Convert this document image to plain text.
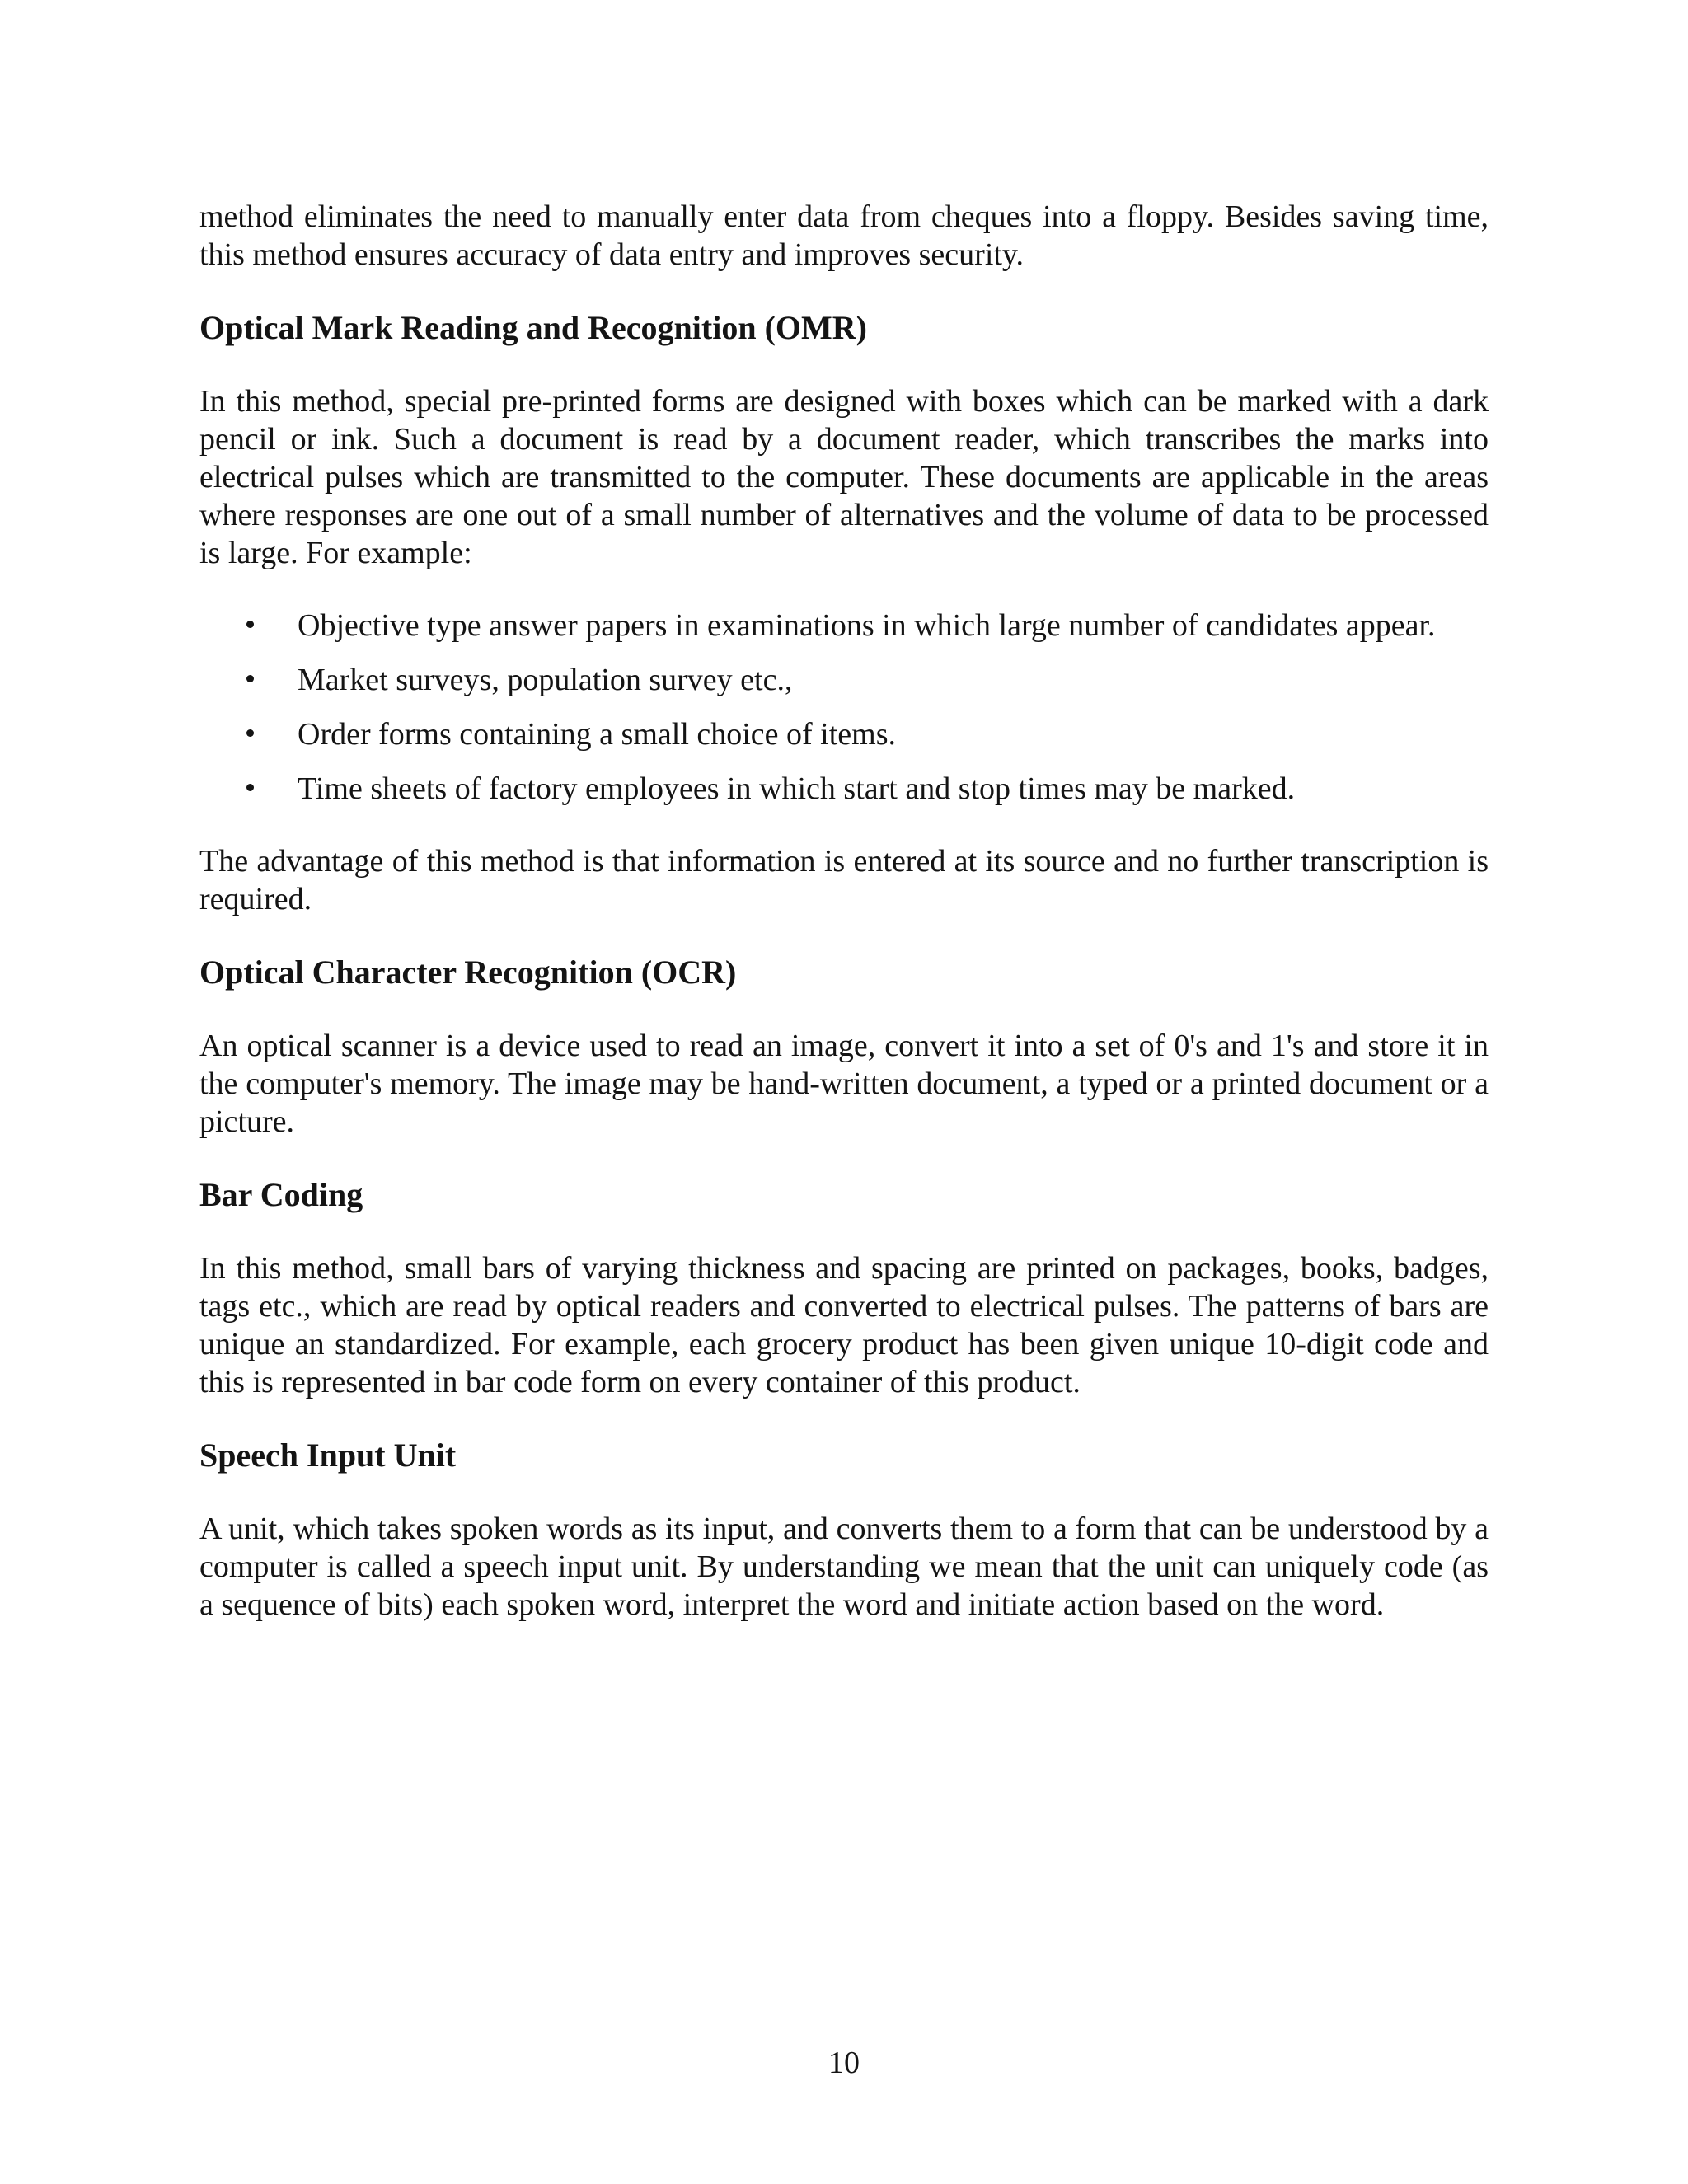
method eliminates the need to manually enter data from cheques into a floppy. Besides saving time, this method ensures accuracy of data entry and improves security.

Optical Mark Reading and Recognition (OMR)

In this method, special pre-printed forms are designed with boxes which can be marked with a dark pencil or ink. Such a document is read by a document reader, which transcribes the marks into electrical pulses which are transmitted to the computer. These documents are applicable in the areas where responses are one out of a small number of alternatives and the volume of data to be processed is large. For example:

Objective type answer papers in examinations in which large number of candidates appear.
Market surveys, population survey etc.,
Order forms containing a small choice of items.
Time sheets of factory employees in which start and stop times may be marked.

The advantage of this method is that information is entered at its source and no further transcription is required.

Optical Character Recognition (OCR)

An optical scanner is a device used to read an image, convert it into a set of 0's and 1's and store it in the computer's memory. The image may be hand-written document, a typed or a printed document or a picture.

Bar Coding

In this method, small bars of varying thickness and spacing are printed on packages, books, badges, tags etc., which are read by optical readers and converted to electrical pulses. The patterns of bars are unique an standardized. For example, each grocery product has been given unique 10-digit code and this is represented in bar code form on every container of this product.

Speech Input Unit

A unit, which takes spoken words as its input, and converts them to a form that can be understood by a computer is called a speech input unit. By understanding we mean that the unit can uniquely code (as a sequence of bits) each spoken word, interpret the word and initiate action based on the word.

10
